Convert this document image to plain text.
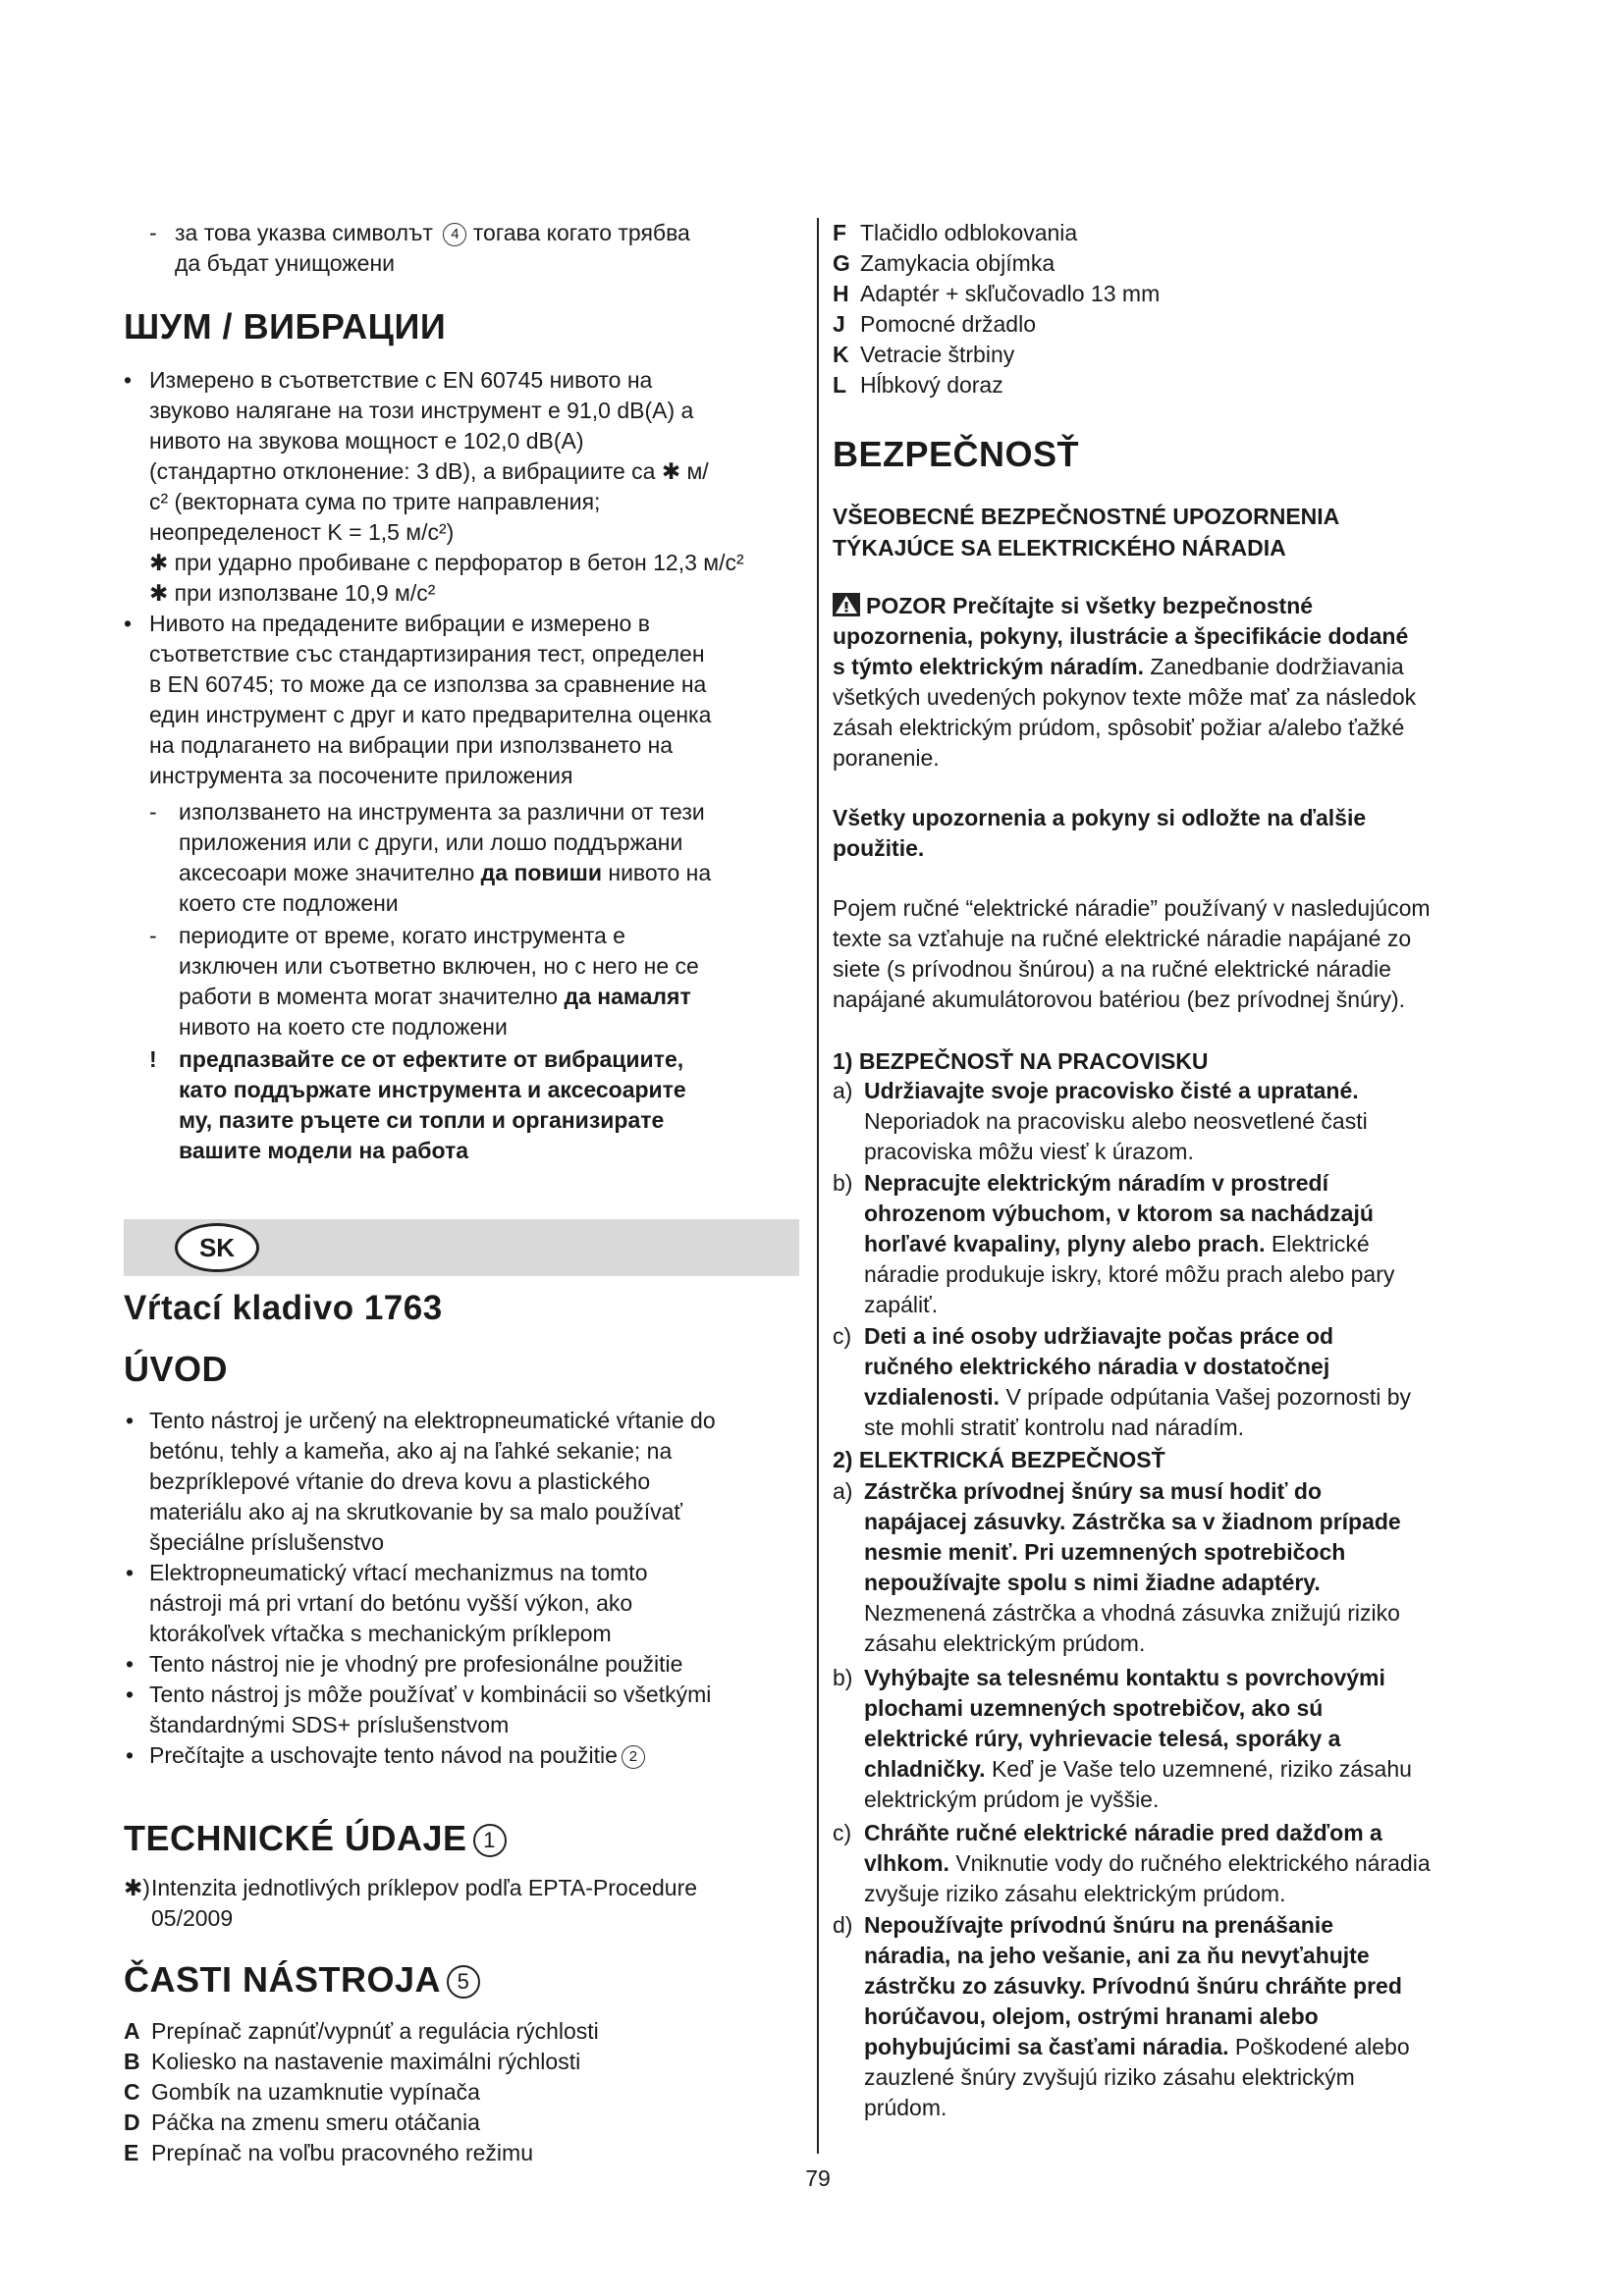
- за това указва символът 4 тогава когато трябва
да бъдат унищожени
ШУМ / ВИБРАЦИИ
• Измерено в съответствие с EN 60745 нивото на
звуково налягане на този инструмент е 91,0 dB(A) а
нивото на звукова мощност е 102,0 dB(A)
(стандартно отклонение: 3 dB), а вибрациите са ✱ м/
с² (векторната сума по трите направления;
неопределеност K = 1,5 м/с²)
✱ при ударно пробиване с перфоратор в бетон 12,3 м/с²
✱ при използване 10,9 м/с²
• Нивото на предадените вибрации е измерено в
съответствие със стандартизирания тест, определен
в EN 60745; то може да се използва за сравнение на
един инструмент с друг и като предварителна оценка
на подлагането на вибрации при използването на
инструмента за посочените приложения
- използването на инструмента за различни от тези
приложения или с други, или лошо поддържани
аксесоари може значително да повиши нивото на
което сте подложени
- периодите от време, когато инструмента е
изключен или съответно включен, но с него не се
работи в момента могат значително да намалят
нивото на което сте подложени
! предпазвайте се от ефектите от вибрациите,
като поддържате инструмента и аксесоарите
му, пазите ръцете си топли и организирате
вашите модели на работа
Vŕtací kladivo 1763
ÚVOD
• Tento nástroj je určený na elektropneumatické vŕtanie do
betónu, tehly a kameňa, ako aj na ľahké sekanie; na
bezpríklepové vŕtanie do dreva kovu a plastického
materiálu ako aj na skrutkovanie by sa malo používať
špeciálne príslušenstvo
• Elektropneumatický vŕtací mechanizmus na tomto
nástroji má pri vrtaní do betónu vyšší výkon, ako
ktorákoľvek vŕtačka s mechanickým príklepom
• Tento nástroj nie je vhodný pre profesionálne použitie
• Tento nástroj js môže používať v kombinácii so všetkými
štandardnými SDS+ príslušenstvom
• Prečítajte a uschovajte tento návod na použitie 2
TECHNICKÉ ÚDAJE 1
✱) Intenzita jednotlivých príklepov podľa EPTA-Procedure
05/2009
ČASTI NÁSTROJA 5
A Prepínač zapnúť/vypnúť a regulácia rýchlosti
B Koliesko na nastavenie maximálni rýchlosti
C Gombík na uzamknutie vypínača
D Páčka na zmenu smeru otáčania
E Prepínač na voľbu pracovného režimu
SK
F Tlačidlo odblokovania
G Zamykacia objímka
H Adaptér + skľučovadlo 13 mm
J Pomocné držadlo
K Vetracie štrbiny
L Hĺbkový doraz
BEZPEČNOSŤ
VŠEOBECNÉ BEZPEČNOSTNÉ UPOZORNENIA
TÝKAJÚCE SA ELEKTRICKÉHO NÁRADIA
POZOR Prečítajte si všetky bezpečnostné
upozornenia, pokyny, ilustrácie a špecifikácie dodané
s týmto elektrickým náradím. Zanedbanie dodržiavania
všetkých uvedených pokynov texte môže mať za následok
zásah elektrickým prúdom, spôsobiť požiar a/alebo ťažké
poranenie.
Všetky upozornenia a pokyny si odložte na ďalšie
použitie.
Pojem ručné “elektrické náradie” používaný v nasledujúcom
texte sa vzťahuje na ručné elektrické náradie napájané zo
siete (s prívodnou šnúrou) a na ručné elektrické náradie
napájané akumulátorovou batériou (bez prívodnej šnúry).
1) BEZPEČNOSŤ NA PRACOVISKU
a) Udržiavajte svoje pracovisko čisté a upratané.
Neporiadok na pracovisku alebo neosvetlené časti
pracoviska môžu viesť k úrazom.
b) Nepracujte elektrickým náradím v prostredí
ohrozenom výbuchom, v ktorom sa nachádzajú
horľavé kvapaliny, plyny alebo prach. Elektrické
náradie produkuje iskry, ktoré môžu prach alebo pary
zapáliť.
c) Deti a iné osoby udržiavajte počas práce od
ručného elektrického náradia v dostatočnej
vzdialenosti. V prípade odpútania Vašej pozornosti by
ste mohli stratiť kontrolu nad náradím.
2) ELEKTRICKÁ BEZPEČNOSŤ
a) Zástrčka prívodnej šnúry sa musí hodiť do
napájacej zásuvky. Zástrčka sa v žiadnom prípade
nesmie meniť. Pri uzemnených spotrebičoch
nepoužívajte spolu s nimi žiadne adaptéry.
Nezmenená zástrčka a vhodná zásuvka znižujú riziko
zásahu elektrickým prúdom.
b) Vyhýbajte sa telesnému kontaktu s povrchovými
plochami uzemnených spotrebičov, ako sú
elektrické rúry, vyhrievacie telesá, sporáky a
chladničky. Keď je Vaše telo uzemnené, riziko zásahu
elektrickým prúdom je vyššie.
c) Chráňte ručné elektrické náradie pred dažďom a
vlhkom. Vniknutie vody do ručného elektrického náradia
zvyšuje riziko zásahu elektrickým prúdom.
d) Nepoužívajte prívodnú šnúru na prenášanie
náradia, na jeho vešanie, ani za ňu nevyťahujte
zástrčku zo zásuvky. Prívodnú šnúru chráňte pred
horúčavou, olejom, ostrými hranami alebo
pohybujúcimi sa časťami náradia. Poškodené alebo
zauzlené šnúry zvyšujú riziko zásahu elektrickým
prúdom.
79
